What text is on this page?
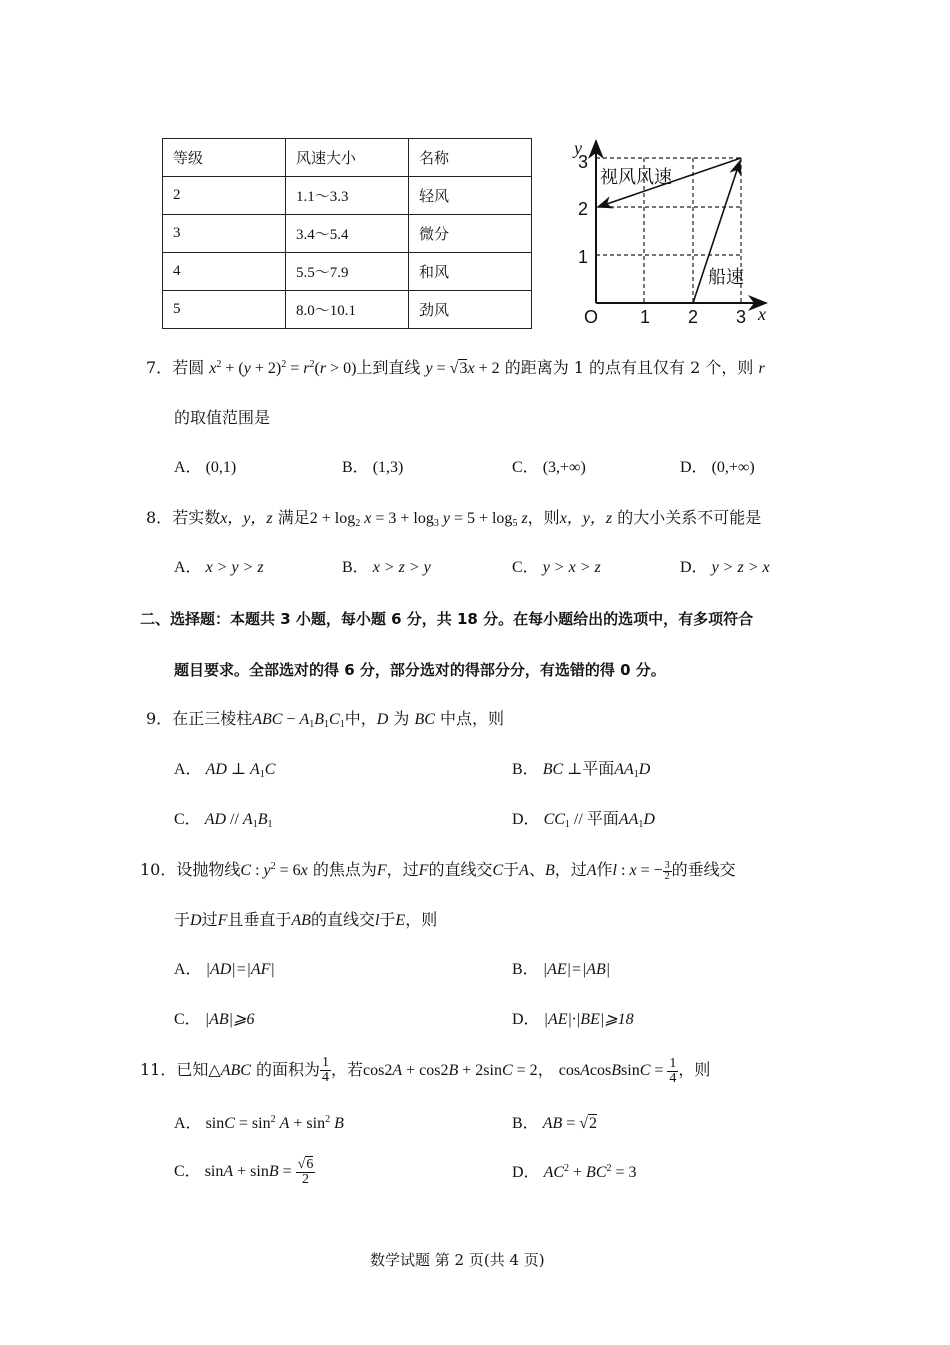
等级	风速大小	名称
2	1.1～3.3	轻风
3	3.4～5.4	微分
4	5.5～7.9	和风
5	8.0～10.1	劲风
y
3
2
1
O 1 2 3 x
视风风速
船速
7．若圆 $x^2 + (y + 2)^2 = r^2(r > 0)$上到直线 y = √3x + 2 的距离为 1 的点有且仅有 2 个，则 r
的取值范围是
A． (0,1)	B． (1,3)	C． (3,+∞)	D． (0,+∞)
8．若实数x，y，z 满足$2 + \log_2 x = 3 + \log_3 y = 5 + \log_5 z$，则x，y，z 的大小关系不可能是
A． x > y > z	B． x > z > y	C． y > x > z	D． y > z > x
二、选择题：本题共 3 小题，每小题 6 分，共 18 分。在每小题给出的选项中，有多项符合
题目要求。全部选对的得 6 分，部分选对的得部分分，有选错的得 0 分。
9．在正三棱柱ABC − $A_1B_1C_1$中，D 为 BC 中点，则
A． AD ⊥ $A_1C$	B． BC ⊥平面$AA_1D$
C． AD // $A_1B_1$	D． $CC_1$ // 平面$AA_1D$
10．设抛物线C : $y^2 = 6x$ 的焦点为F，过F的直线交C于A、B，过A作l : x = − $\frac{3}{2}$ 的垂线交
于D过F且垂直于AB的直线交l于E，则
A． |AD|=|AF|	B． |AE|=|AB|
C． |AB|⩾6	D． |AE|·|BE|⩾18
11．已知△ABC 的面积为 $\frac{1}{4}$ ，若cos2A + cos2B + 2sinC = 2， cosAcosBsinC = $\frac{1}{4}$ ，则
A． $\sin C = \sin^2 A + \sin^2 B$	B． AB = √2
C． $\sin A + \sin B = \frac{√6}{2}$	D． $AC^2 + BC^2 = 3$
数学试题 第 2 页(共 4 页)
